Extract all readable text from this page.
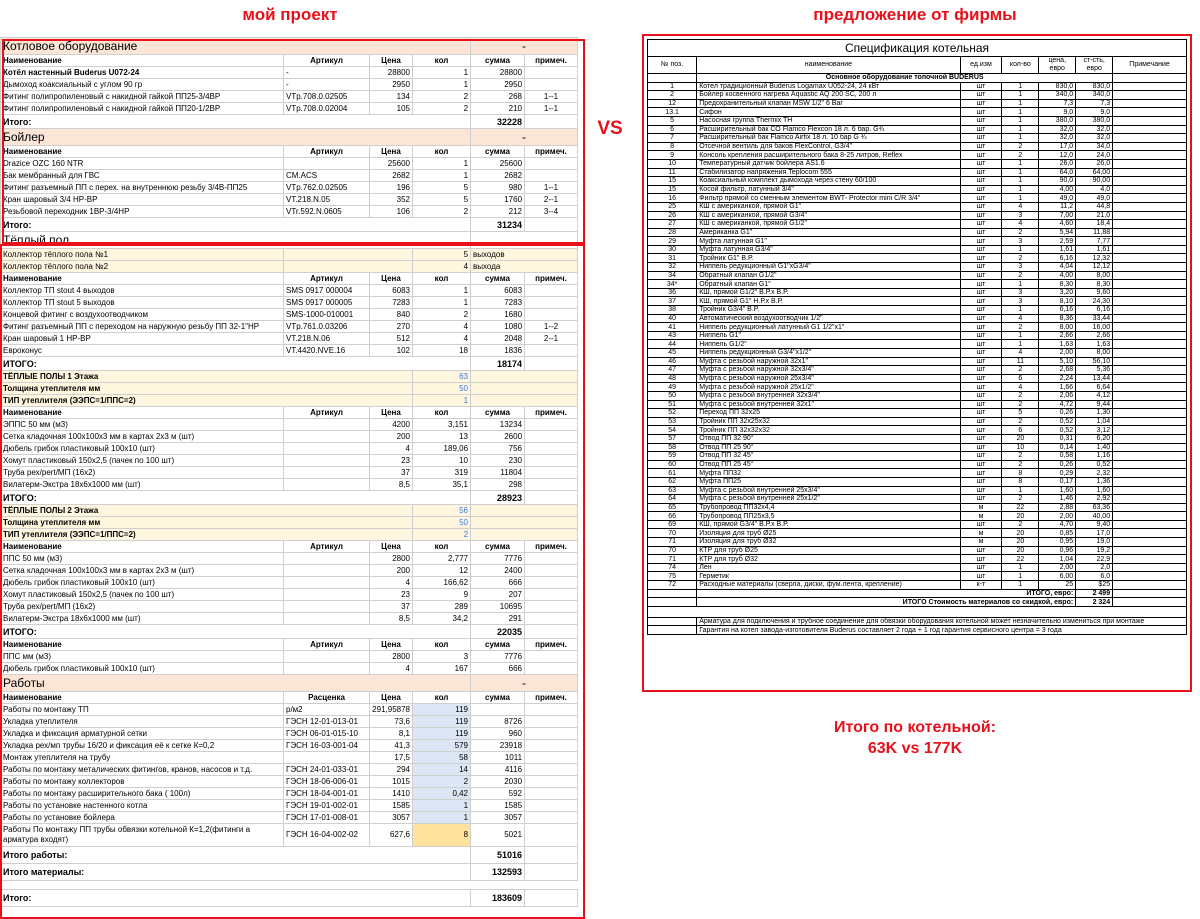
мой проект	предложение от фирмы
VS
Котловое оборудование				-	
Наименование	Артикул	Цена	кол	сумма	примеч.
Котёл настенный Buderus U072-24	-	28800	1	28800	
Дымоход коаксиальный с углом 90 гр	-	2950	1	2950	
Фитинг полипропиленовый с накидной гайкой ПП25-3/4ВР	VTp.708.0.02505	134	2	268	1--1
Фитинг полипропиленовый с накидной гайкой ПП20-1/2ВР	VTp.708.0.02004	105	2	210	1--1
Итого:				32228	
Бойлер				-	
Наименование	Артикул	Цена	кол	сумма	примеч.
Drazice OZC 160 NTR		25600	1	25600	
Бак мембранный для ГВС	CM.ACS	2682	1	2682	
Фитинг разъемный ПП с перех. на внутреннюю резьбу 3/4В-ПП25	VTp.762.0.02505	196	5	980	1--1
Кран шаровый 3/4 НР-ВР	VT.218.N.05	352	5	1760	2--1
Резьбовой переходник 1ВР-3/4НР	VTr.592.N.0605	106	2	212	3--4
Итого:				31234	
Тёплый пол					
Коллектор тёплого пола №1			5	выходов	
Коллектор тёплого пола №2			4	выхода	
Наименование	Артикул	Цена	кол	сумма	примеч.
Коллектор ТП stout 4 выходов	SMS 0917 000004	6083	1	6083	
Коллектор ТП stout 5 выходов	SMS 0917 000005	7283	1	7283	
Концевой фитинг с воздухоотводчиком	SMS-1000-010001	840	2	1680	
Фитинг разъемный ПП с переходом на наружную резьбу ПП 32-1"НР	VTp.761.0.03206	270	4	1080	1--2
Кран шаровый 1 НР-ВР	VT.218.N.06	512	4	2048	2--1
Евроконус	VT.4420.NVE.16	102	18	1836	
ИТОГО:				18174	
ТЁПЛЫЕ ПОЛЫ 1 Этажа			63		
Толщина утеплителя мм			50		
ТИП утеплителя (ЭЭПС=1/ППС=2)			1		
Наименование	Артикул	Цена	кол	сумма	примеч.
ЭППС 50 мм (м3)		4200	3,151	13234	
Сетка кладочная 100х100х3 мм в картах 2х3 м (шт)		200	13	2600	
Дюбель грибок пластиковый 100х10 (шт)		4	189,06	756	
Хомут пластиковый 150х2,5 (пачек по 100 шт)		23	10	230	
Труба рех/pert/МП (16х2)		37	319	11804	
Вилатерм-Экстра 18х6х1000 мм (шт)		8,5	35,1	298	
ИТОГО:				28923	
ТЁПЛЫЕ ПОЛЫ 2 Этажа			56		
Толщина утеплителя мм			50		
ТИП утеплителя (ЭЭПС=1/ППС=2)			2		
Наименование	Артикул	Цена	кол	сумма	примеч.
ППС 50 мм (м3)		2800	2,777	7776	
Сетка кладочная 100х100х3 мм в картах 2х3 м (шт)		200	12	2400	
Дюбель грибок пластиковый 100х10 (шт)		4	166,62	666	
Хомут пластиковый 150х2,5 (пачек по 100 шт)		23	9	207	
Труба рех/pert/МП (16х2)		37	289	10695	
Вилатерм-Экстра 18х6х1000 мм (шт)		8,5	34,2	291	
ИТОГО:				22035	
Наименование	Артикул	Цена	кол	сумма	примеч.
ППС мм (м3)		2800	3	7776	
Дюбель грибок пластиковый 100х10 (шт)		4	167	666	
Работы				-	
Наименование	Расценка	Цена	кол	сумма	примеч.
Работы по монтажу ТП	р/м2	291,95878	119		
Укладка утеплителя	ГЭСН 12-01-013-01	73,6	119	8726	
Укладка и фиксация арматурной сетки	ГЭСН 06-01-015-10	8,1	119	960	
Укладка рех/мп трубы 16/20 и фиксация её к сетке К=0,2	ГЭСН 16-03-001-04	41,3	579	23918	
Монтаж утеплителя на трубу		17,5	58	1011	
Работы по монтажу металических фитингов, кранов, насосов и т.д.	ГЭСН 24-01-033-01	294	14	4116	
Работы по монтажу коллекторов	ГЭСН 18-06-006-01	1015	2	2030	
Работы по монтажу расширительного бака ( 100л)	ГЭСН 18-04-001-01	1410	0,42	592	
Работы по установке настенного котла	ГЭСН 19-01-002-01	1585	1	1585	
Работы по установке бойлера	ГЭСН 17-01-008-01	3057	1	3057	

Работы По монтажу ПП трубы обвязки котельной К=1,2(фитинги а
арматура входят)	ГЭСН 16-04-002-02	627,6	8	5021	
Итого работы:				51016	
Итого материалы:				132593	

Итого:				183609	
Спецификация котельная
№ поз.	наименование	ед.изм	кол-во	цена, евро	ст-сть, евро	Примечание
	Основное оборудование топочной BUDERUS					
1	Котел традиционный Buderus Logamax U052-24, 24 кВт	шт	1	830,0	830,0	
2	Бойлер косвенного нагрева Aquastic AQ 200 SC, 200 л	шт	1	340,0	340,0	
12	Предохранительный клапан MSW 1/2" 6 Bar	шт	1	7,3	7,3	
13.1	Сифон	шт	1	9,0	9,0	
5	Насосная группа Thermix TH	шт	1	380,0	380,0	
6	Расширительный бак СО Flamco Flexcon 18 л. 6 бар. G¾	шт	1	32,0	32,0	
7	Расширительный бак Flamco Airfix 18 л. 10 бар G ¾	шт	1	32,0	32,0	
8	Отсечной вентиль для баков FlexControl, G3/4"	шт	2	17,0	34,0	
9	Консоль крепления расширительного бака 8-25 литров, Reflex	шт	2	12,0	24,0	
10	Температурный датчик бойлера AS1.6	шт	1	26,0	26,0	
11	Стабилизатор напряжения Teplocom 555	шт	1	64,0	64,00	
15	Коаксиальный комплект дымохода через стену 60/100	шт	1	90,0	90,00	
15	Косой фильтр, латунный 3/4"	шт	1	4,00	4,0	
16	Фильтр прямой со сменным элементом BWT- Protector mini C/R 3/4"	шт	1	49,0	49,0	
25	КШ с американкой, прямой G1"	шт	4	11,2	44,8	
26	КШ с американкой, прямой G3/4"	шт	3	7,00	21,0	
27	КШ с американкой, прямой G1/2"	шт	4	4,60	18,4	
28	Американка G1"	шт	2	5,94	11,88	
29	Муфта латунная G1"	шт	3	2,59	7,77	
30	Муфта латунная G3/4"	шт	1	1,61	1,61	
31	Тройник G1" В.Р.	шт	2	6,16	12,32	
32	Ниппель редукционный G1"xG3/4"	шт	3	4,04	12,12	
34	Обратный клапан G1/2"	шт	2	4,00	8,00	
34*	Обратный клапан G1"	шт	1	8,30	8,30	
36	КШ, прямой G1/2" В.Р.x В.Р.	шт	3	3,20	9,60	
37	КШ, прямой G1" Н.Р.x В.Р.	шт	3	8,10	24,30	
38	Тройник G3/4" В.Р.	шт	1	6,16	6,16	
40	Автоматический воздухоотводчик 1/2"	шт	4	8,36	33,44	
41	Ниппель редукционный латунный G1 1/2"x1"	шт	2	8,00	16,00	
43	Ниппель G1"	шт	1	2,66	2,66	
44	Ниппель G1/2"	шт	1	1,63	1,63	
45	Ниппель редукционный G3/4"x1/2"	шт	4	2,00	8,00	
46	Муфта с резьбой наружной 32х1"	шт	11	5,10	56,10	
47	Муфта с резьбой наружной 32х3/4"	шт	2	2,68	5,36	
48	Муфта с резьбой наружной 25х3/4"	шт	6	2,24	13,44	
49	Муфта с резьбой наружной 25х1/2"	шт	4	1,66	6,64	
50	Муфта с резьбой внутренней 32х3/4"	шт	2	2,06	4,12	
51	Муфта с резьбой внутренней 32х1"	шт	2	4,72	9,44	
52	Переход ПП 32х25	шт	5	0,26	1,30	
53	Тройник ПП 32х25х32	шт	2	0,52	1,04	
54	Тройник ПП 32х32х32	шт	6	0,52	3,12	
57	Отвод ПП 32 90°	шт	20	0,31	6,20	
58	Отвод ПП 25 90°	шт	10	0,14	1,40	
59	Отвод ПП 32 45°	шт	2	0,58	1,16	
60	Отвод ПП 25 45°	шт	2	0,26	0,52	
61	Муфта ПП32	шт	8	0,29	2,32	
62	Муфта ПП25	шт	8	0,17	1,36	
63	Муфта с резьбой внутренней 25х3/4"	шт	1	1,60	1,60	
64	Муфта с резьбой внутренней 25х1/2"	шт	2	1,46	2,92	
65	Трубопровод ПП32х4,4	м	22	2,88	63,36	
66	Трубопровод ПП25х3,5	м	20	2,00	40,00	
69	КШ, прямой G3/4" В.Р.x В.Р.	шт	2	4,70	9,40	
70	Изоляция для труб Ø25	м	20	0,85	17,0	
71	Изоляция для труб Ø32	м	20	0,95	19,0	
70	КТР для труб Ø25	шт	20	0,96	19,2	
71	КТР для труб Ø32	шт	22	1,04	22,9	
74	Лен	шт	1	2,00	2,0	
75	Герметик	шт	1	6,00	6,0	
72	Расходные материалы (сверла, диски, фум.лента, крепление)	к-т	1	25	$25	
	ИТОГО, евро:				2 499	
	ИТОГО Стоимость материалов со скидкой, евро:				2 324	

	Арматура для подключения и трубное соединение для обвязки оборудования котельной может незначительно измениться при монтаже					
	Гарантия на котел завода-изготовителя Buderus составляет 2 года + 1 год гарантия сервисного центра = 3 года					
Итого по котельной:
63K vs 177K
